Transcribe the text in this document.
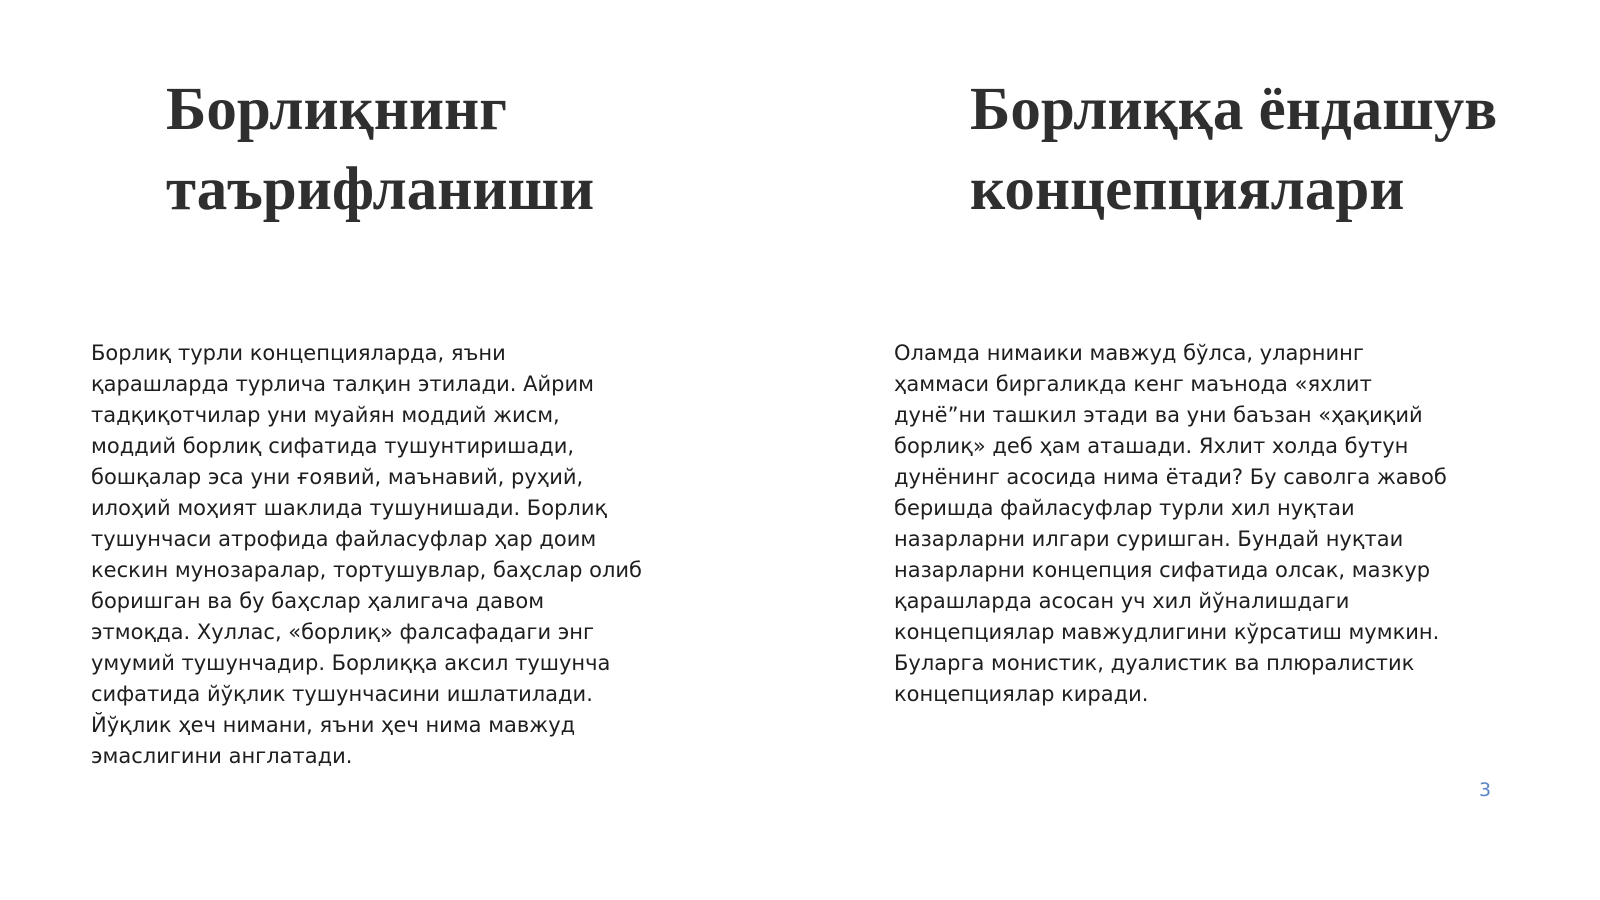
Борлиқнинг
таърифланиши
Борлиққа ёндашув
концепциялари

Борлиқ турли концепцияларда, яъни
қарашларда турлича талқин этилади. Айрим
тадқиқотчилар уни муайян моддий жисм,
моддий борлиқ сифатида тушунтиришади,
бошқалар эса уни ғоявий, маънавий, руҳий,
илоҳий моҳият шаклида тушунишади. Борлиқ
тушунчаси атрофида файласуфлар ҳар доим
кескин мунозаралар, тортушувлар, баҳслар олиб
боришган ва бу баҳслар ҳалигача давом
этмоқда. Хуллас, «борлиқ» фалсафадаги энг
умумий тушунчадир. Борлиққа аксил тушунча
сифатида йўқлик тушунчасини ишлатилади.
Йўқлик ҳеч нимани, яъни ҳеч нима мавжуд
эмаслигини англатади.

Оламда нимаики мавжуд бўлса, уларнинг
ҳаммаси биргаликда кенг маънода «яхлит
дунё”ни ташкил этади ва уни баъзан «ҳақиқий
борлиқ» деб ҳам аташади. Яхлит холда бутун
дунёнинг асосида нима ётади? Бу саволга жавоб
беришда файласуфлар турли хил нуқтаи
назарларни илгари суришган. Бундай нуқтаи
назарларни концепция сифатида олсак, мазкур
қарашларда асосан уч хил йўналишдаги
концепциялар мавжудлигини кўрсатиш мумкин.
Буларга монистик, дуалистик ва плюралистик
концепциялар киради.

3
